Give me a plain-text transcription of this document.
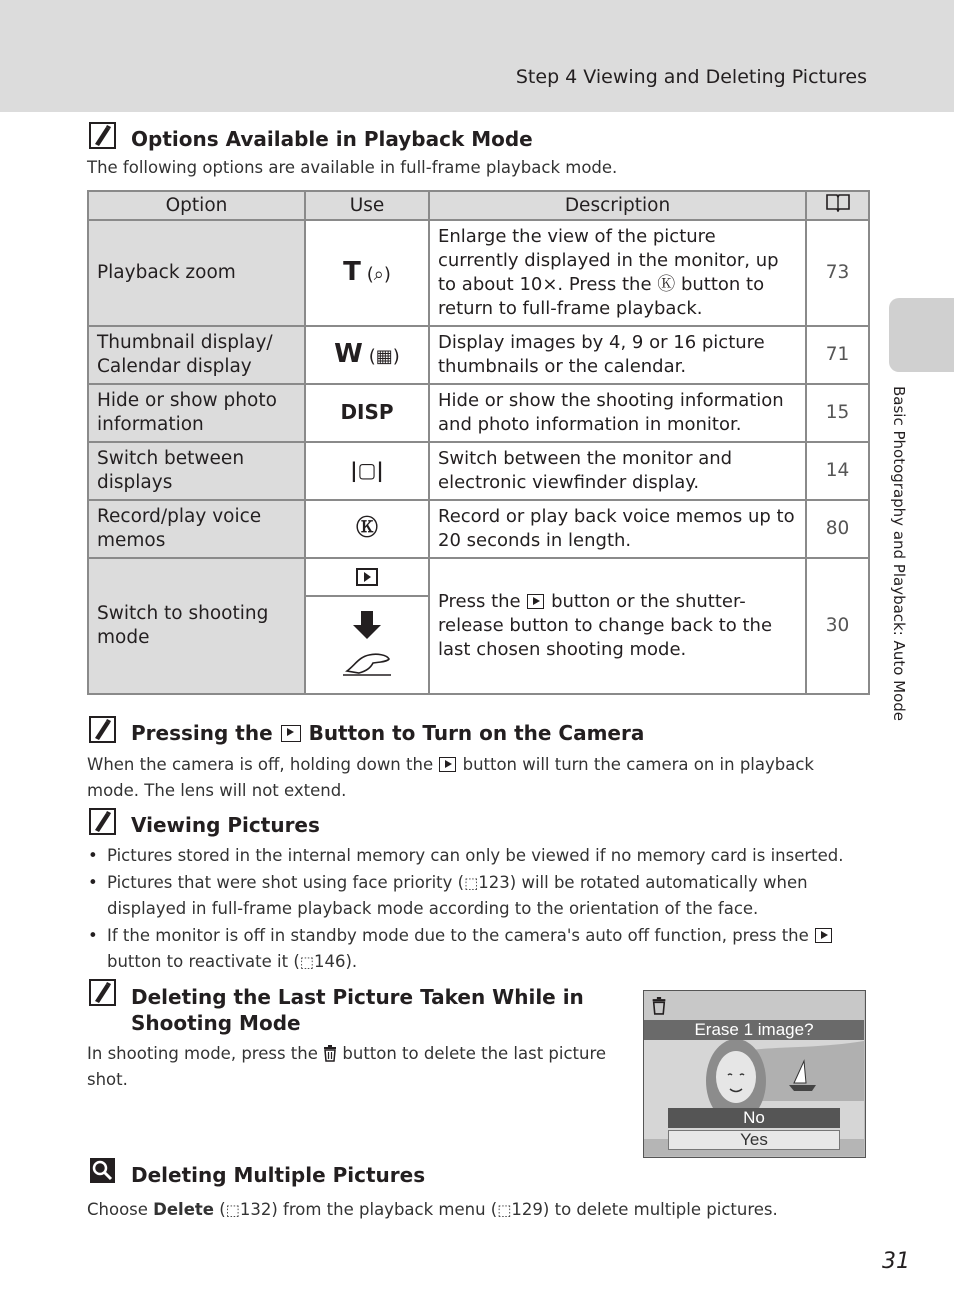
Step 4 Viewing and Deleting Pictures
Basic Photography and Playback: Auto Mode
Options Available in Playback Mode
The following options are available in full-frame playback mode.
Option	Use	Description	
Playback zoom	T (⌕)	Enlarge the view of the picture currently displayed in the monitor, up to about 10×. Press the Ⓚ button to return to full-frame playback.	73
Thumbnail display/ Calendar display	W (▦)	Display images by 4, 9 or 16 picture thumbnails or the calendar.	71
Hide or show photo information	DISP	Hide or show the shooting information and photo information in monitor.	15
Switch between displays	|▢|	Switch between the monitor and electronic viewfinder display.	14
Record/play voice memos	Ⓚ	Record or play back voice memos up to 20 seconds in length.	80
Switch to shooting mode		Press the  button or the shutter-release button to change back to the last chosen shooting mode.	30
Pressing the Button to Turn on the Camera
When the camera is off, holding down the button will turn the camera on in playback mode. The lens will not extend.
Viewing Pictures
• Pictures stored in the internal memory can only be viewed if no memory card is inserted.
• Pictures that were shot using face priority (⬚123) will be rotated automatically when displayed in full-frame playback mode according to the orientation of the face.
• If the monitor is off in standby mode due to the camera's auto off function, press the  button to reactivate it (⬚146).
Deleting the Last Picture Taken While in
Shooting Mode
In shooting mode, press the button to delete the last picture shot.
Erase 1 image?
No
Yes
Deleting Multiple Pictures
Choose Delete (⬚132) from the playback menu (⬚129) to delete multiple pictures.
31
